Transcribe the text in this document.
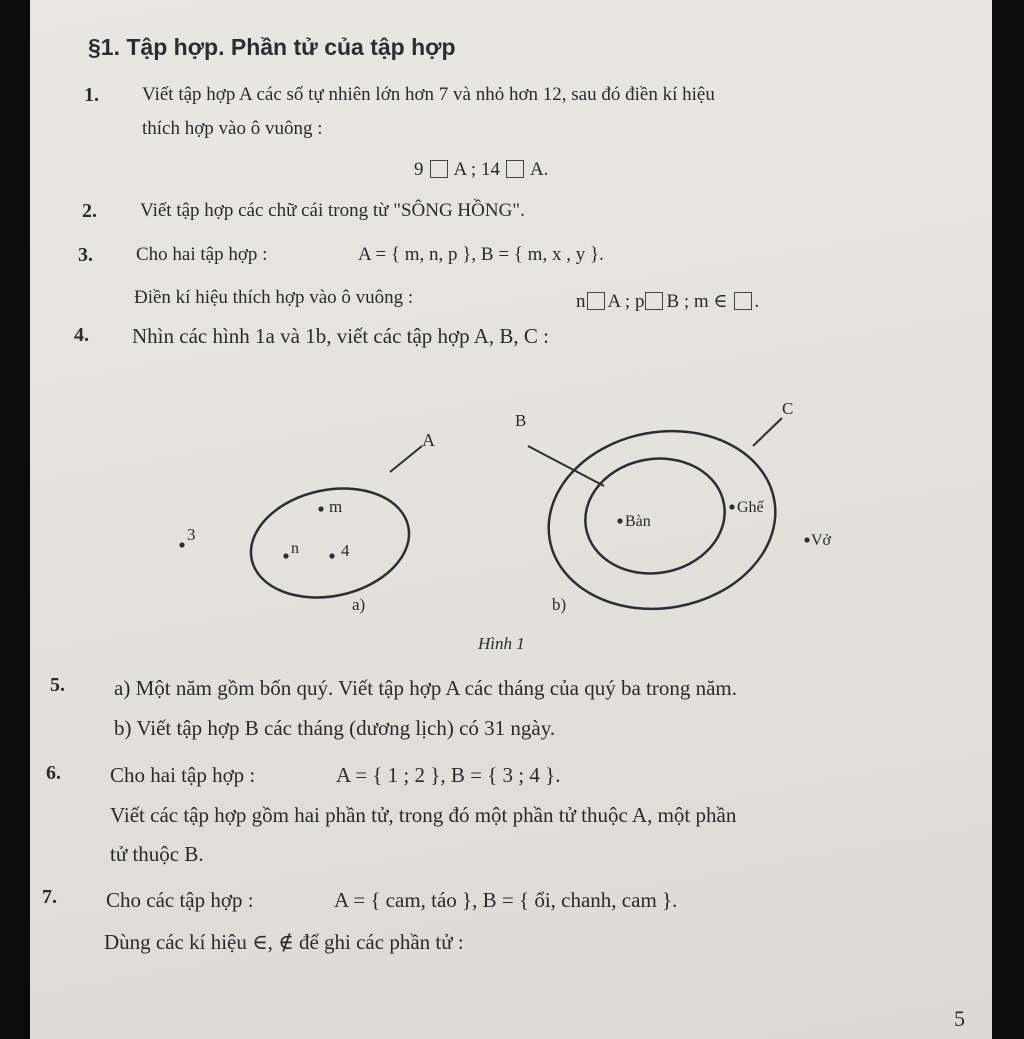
§1. Tập hợp. Phần tử của tập hợp
1. Viết tập hợp A các số tự nhiên lớn hơn 7 và nhỏ hơn 12, sau đó điền kí hiệu
thích hợp vào ô vuông :
9 A ; 14 A.
2. Viết tập hợp các chữ cái trong từ "SÔNG HỒNG".
3. Cho hai tập hợp :	A = { m, n, p }, B = { m, x , y }.
Điền kí hiệu thích hợp vào ô vuông :	n A ; p B ; m ∈ .
4. Nhìn các hình 1a và 1b, viết các tập hợp A, B, C :
A
m
n 4
3
a)
B
C
Bàn
Ghế
Vở
b)
Hình 1
5. a) Một năm gồm bốn quý. Viết tập hợp A các tháng của quý ba trong năm.
b) Viết tập hợp B các tháng (dương lịch) có 31 ngày.
6. Cho hai tập hợp :	A = { 1 ; 2 }, B = { 3 ; 4 }.
Viết các tập hợp gồm hai phần tử, trong đó một phần tử thuộc A, một phần
tử thuộc B.
7. Cho các tập hợp :	A = { cam, táo }, B = { ổi, chanh, cam }.
Dùng các kí hiệu ∈, ∉ để ghi các phần tử :
5
